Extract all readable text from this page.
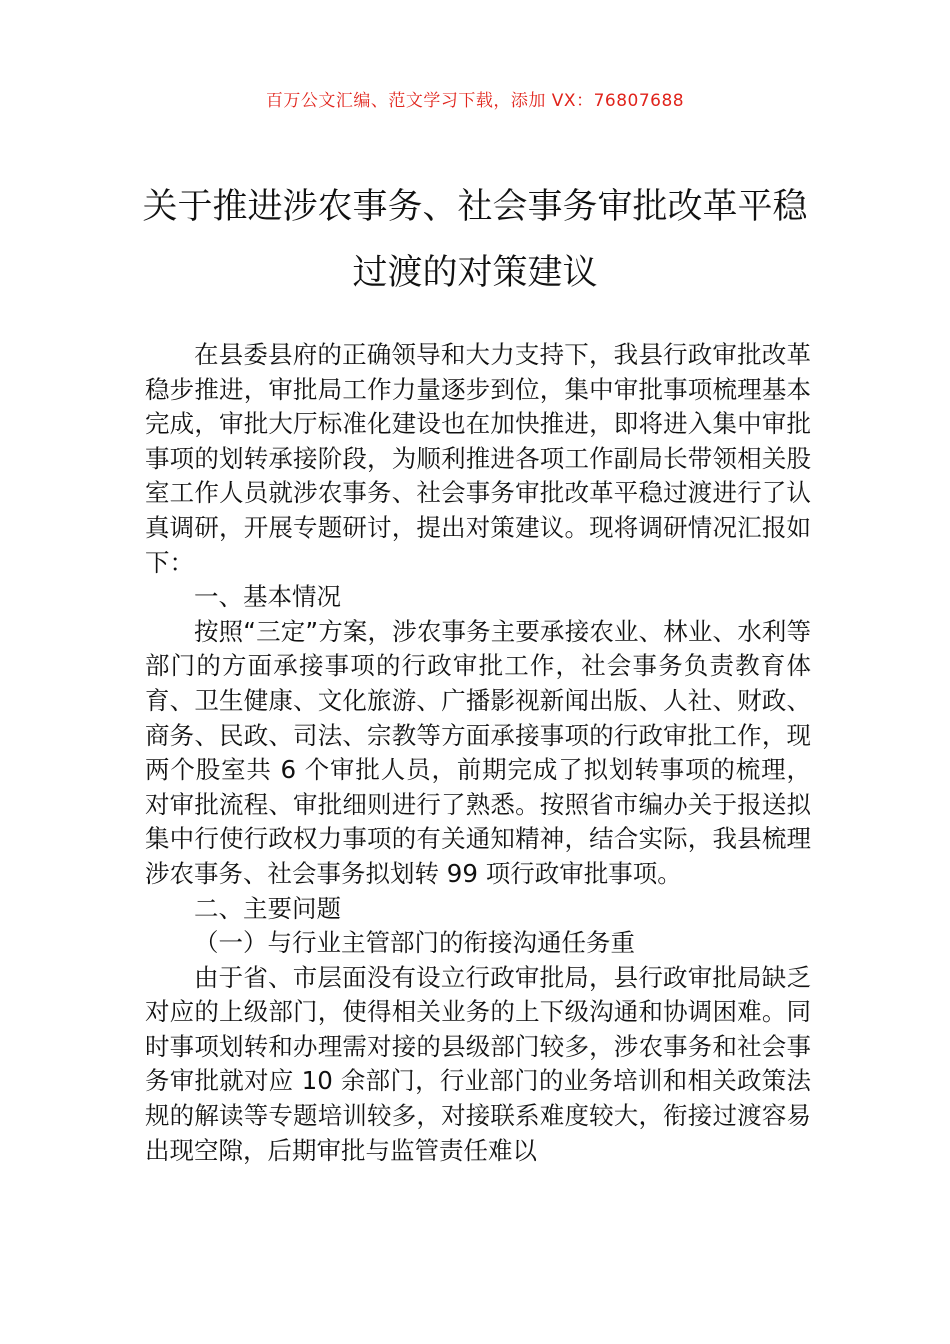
百万公文汇编、范文学习下载，添加 VX：76807688
关于推进涉农事务、社会事务审批改革平稳过渡的对策建议

在县委县府的正确领导和大力支持下，我县行政审批改革稳步推进，审批局工作力量逐步到位，集中审批事项梳理基本完成，审批大厅标准化建设也在加快推进，即将进入集中审批事项的划转承接阶段，为顺利推进各项工作副局长带领相关股室工作人员就涉农事务、社会事务审批改革平稳过渡进行了认真调研，开展专题研讨，提出对策建议。现将调研情况汇报如下：

一、基本情况

按照“三定”方案，涉农事务主要承接农业、林业、水利等部门的方面承接事项的行政审批工作，社会事务负责教育体育、卫生健康、文化旅游、广播影视新闻出版、人社、财政、商务、民政、司法、宗教等方面承接事项的行政审批工作，现两个股室共 6 个审批人员，前期完成了拟划转事项的梳理，对审批流程、审批细则进行了熟悉。按照省市编办关于报送拟集中行使行政权力事项的有关通知精神，结合实际，我县梳理涉农事务、社会事务拟划转 99 项行政审批事项。

二、主要问题

（一）与行业主管部门的衔接沟通任务重

由于省、市层面没有设立行政审批局，县行政审批局缺乏对应的上级部门，使得相关业务的上下级沟通和协调困难。同时事项划转和办理需对接的县级部门较多，涉农事务和社会事务审批就对应 10 余部门，行业部门的业务培训和相关政策法规的解读等专题培训较多，对接联系难度较大，衔接过渡容易出现空隙，后期审批与监管责任难以
